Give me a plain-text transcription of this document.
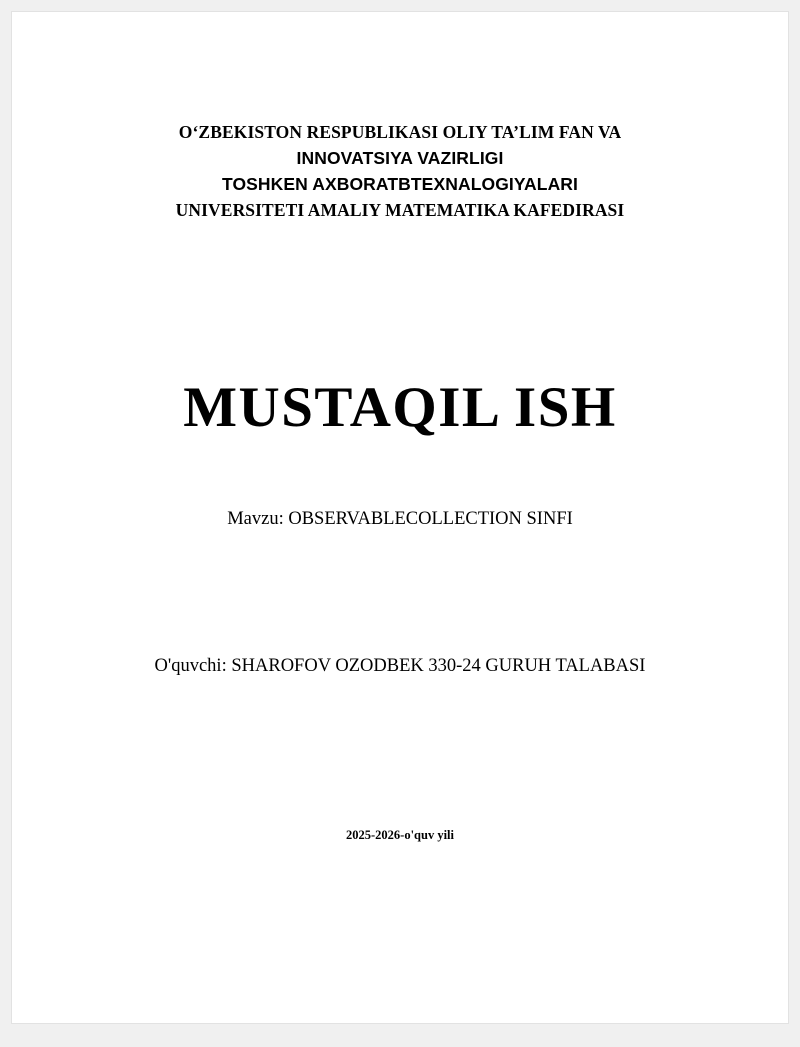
O‘ZBEKISTON RESPUBLIKASI OLIY TA’LIM FAN VA
INNOVATSIYA VAZIRLIGI
TOSHKEN AXBORATBTEXNALOGIYALARI
UNIVERSITETI AMALIY MATEMATIKA KAFEDIRASI
MUSTAQIL ISH
Mavzu: OBSERVABLECOLLECTION SINFI
O'quvchi: SHAROFOV OZODBEK 330-24 GURUH TALABASI
2025-2026-o'quv yili
